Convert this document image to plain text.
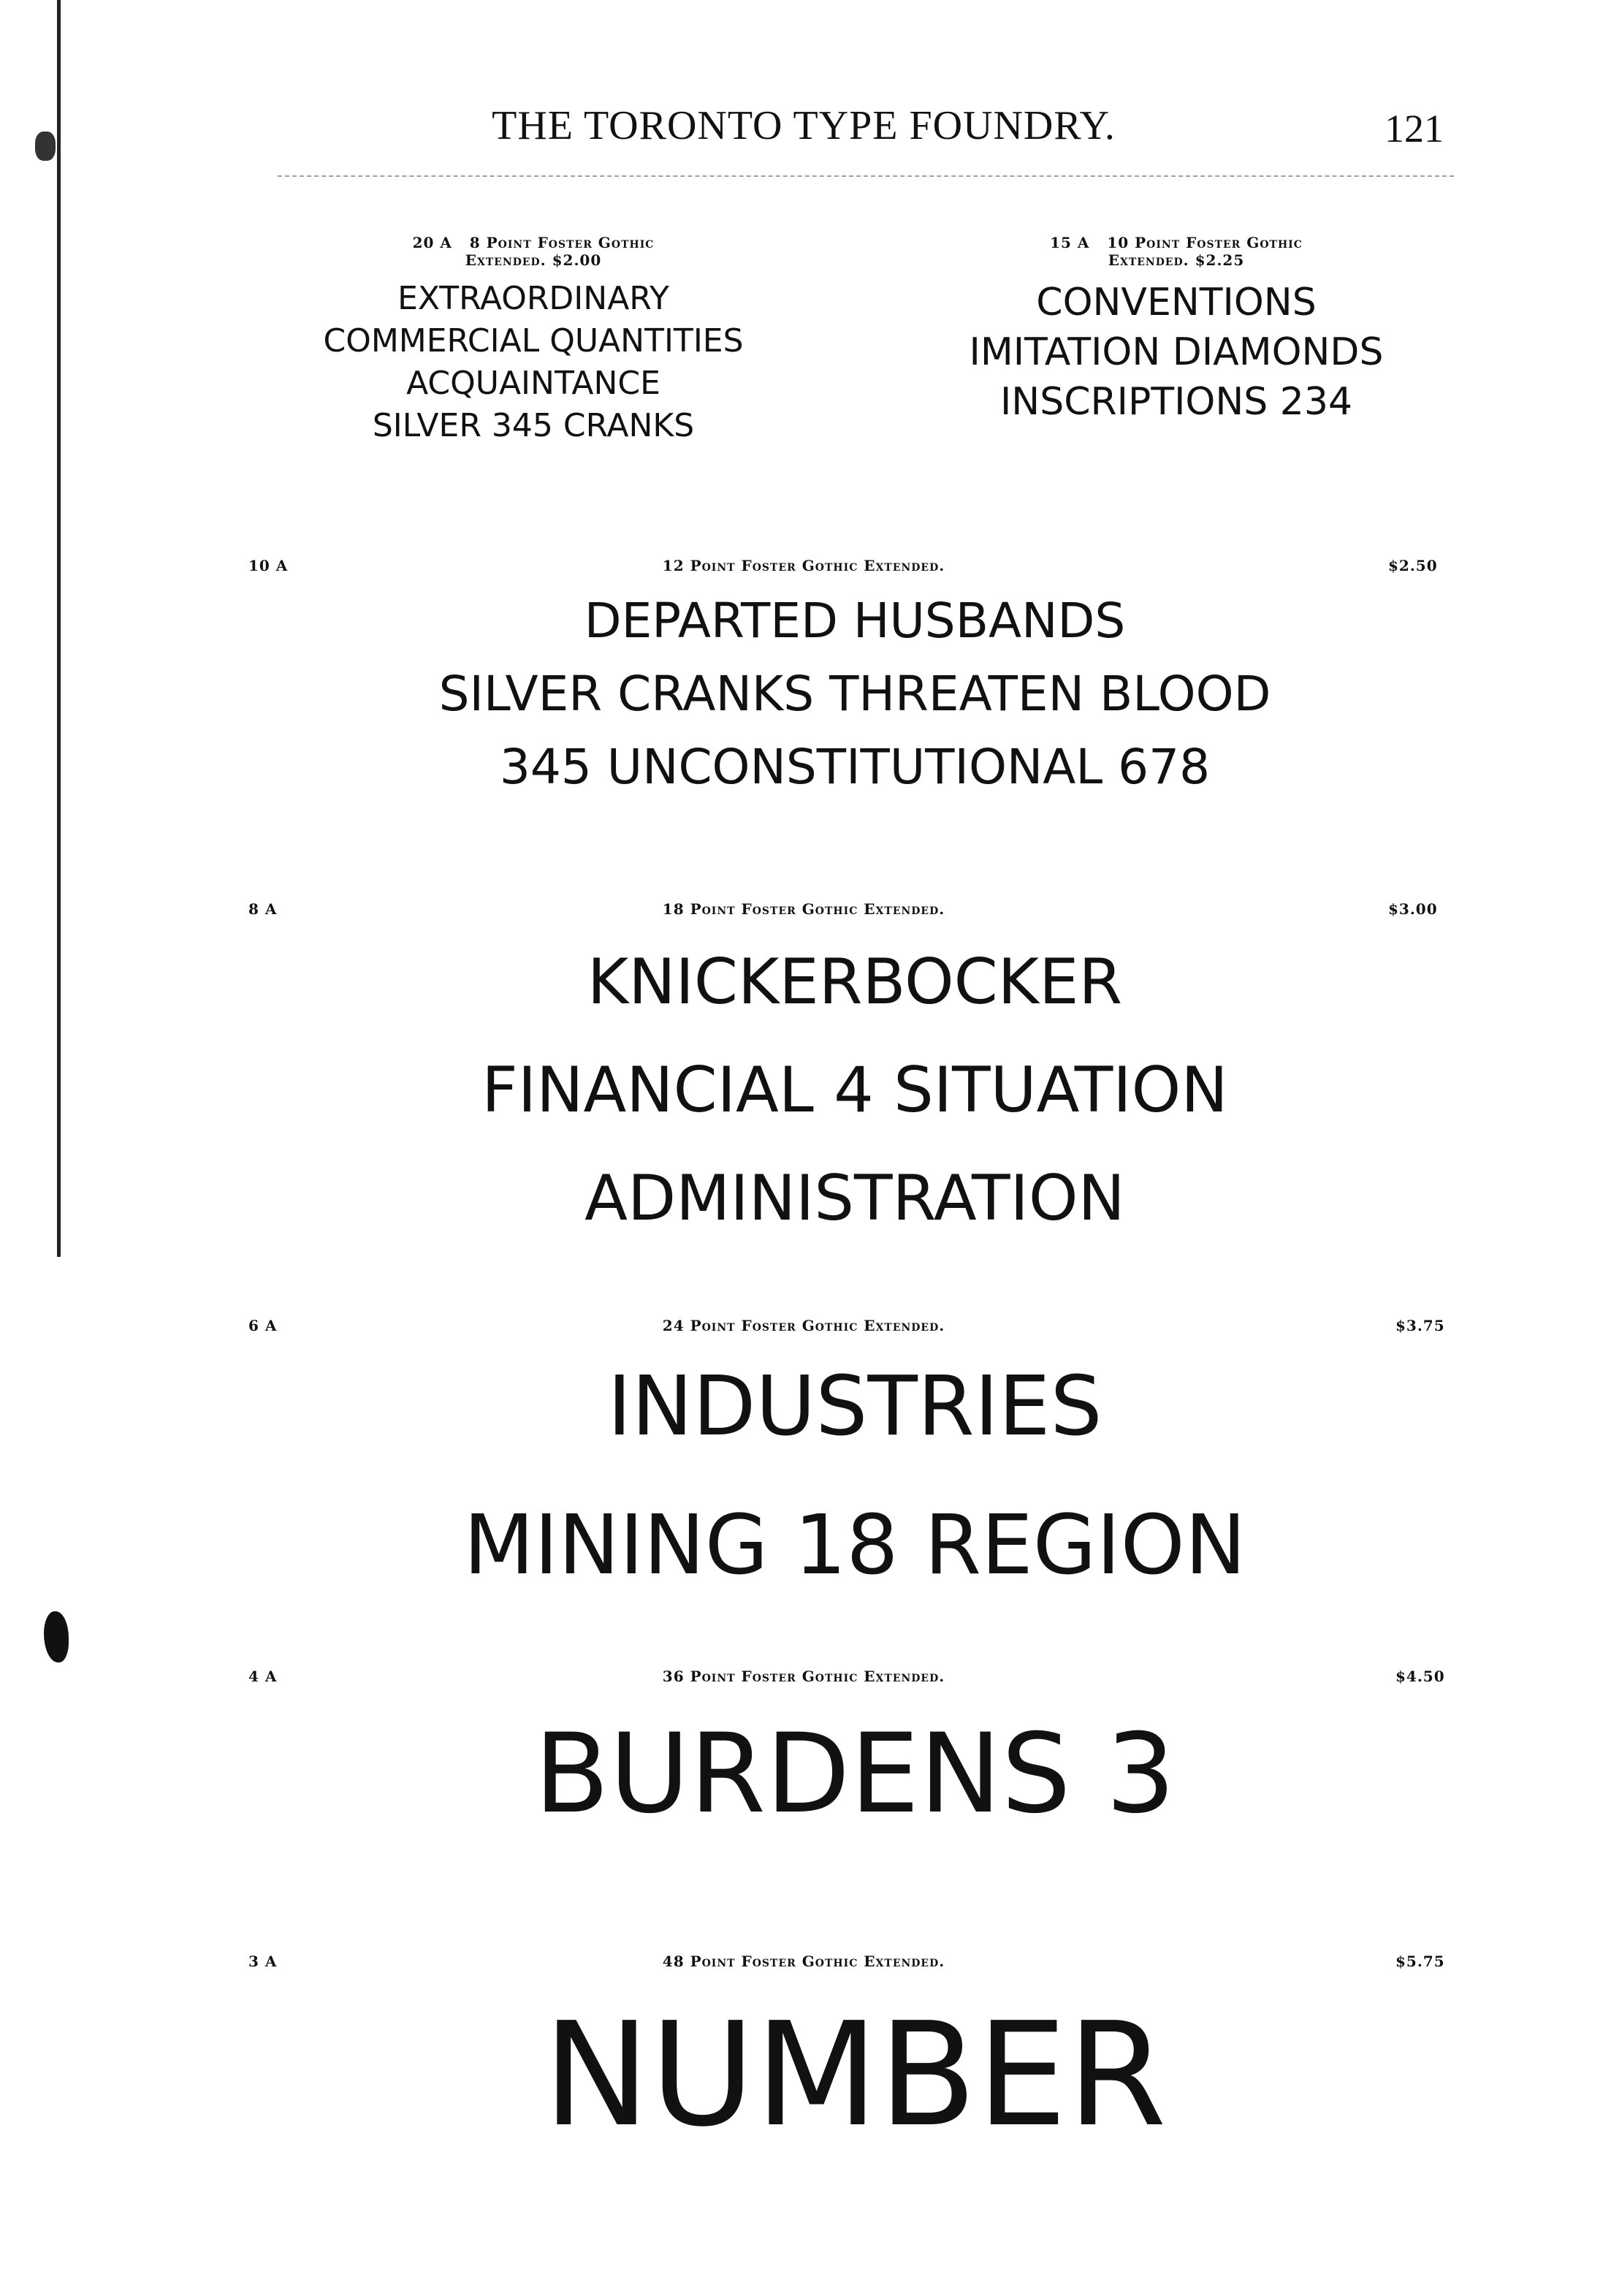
THE TORONTO TYPE FOUNDRY.	121
20 A 8 Point Foster Gothic
Extended. $2.00
EXTRAORDINARY
COMMERCIAL QUANTITIES
ACQUAINTANCE
SILVER 345 CRANKS
15 A 10 Point Foster Gothic
Extended. $2.25
CONVENTIONS
IMITATION DIAMONDS
INSCRIPTIONS 234
10 A	12 Point Foster Gothic Extended.	$2.50
DEPARTED HUSBANDS
SILVER CRANKS THREATEN BLOOD
345 UNCONSTITUTIONAL 678
8 A	18 Point Foster Gothic Extended.	$3.00
KNICKERBOCKER
FINANCIAL 4 SITUATION
ADMINISTRATION
6 A	24 Point Foster Gothic Extended.	$3.75
INDUSTRIES
MINING 18 REGION
4 A	36 Point Foster Gothic Extended.	$4.50
BURDENS 3
3 A	48 Point Foster Gothic Extended.	$5.75
NUMBER
